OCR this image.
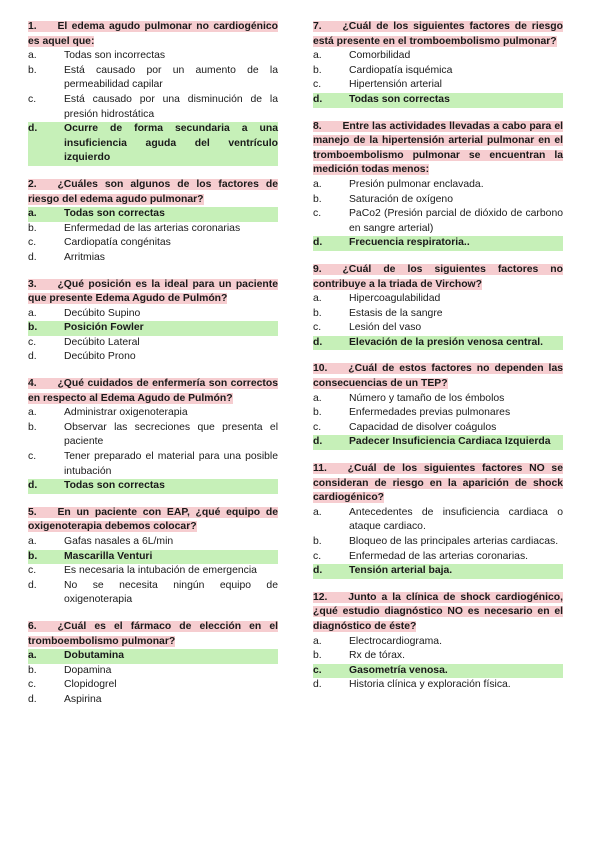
1.   El edema agudo pulmonar no cardiogénico es aquel que:

a.	Todas son incorrectas
b.	Está causado por un aumento de la permeabilidad capilar
c.	Está causado por una disminución de la presión hidrostática
d.	Ocurre de forma secundaria a una insuficiencia aguda del ventrículo izquierdo

2.   ¿Cuáles son algunos de los factores de riesgo del edema agudo pulmonar?

a.	Todas son correctas
b.	Enfermedad de las arterias coronarias
c.	Cardiopatía congénitas
d.	Arritmias

3.   ¿Qué posición es la ideal para un paciente que presente Edema Agudo de Pulmón?

a.	Decúbito Supino
b.	Posición Fowler
c.	Decúbito Lateral
d.	Decúbito Prono

4.   ¿Qué cuidados de enfermería son correctos en respecto al Edema Agudo de Pulmón?

a.	Administrar oxigenoterapia
b.	Observar las secreciones que presenta el paciente
c.	Tener preparado el material para una posible intubación
d.	Todas son correctas

5.   En un paciente con EAP, ¿qué equipo de oxigenoterapia debemos colocar?

a.	Gafas nasales a 6L/min
b.	Mascarilla Venturi
c.	Es necesaria la intubación de emergencia
d.	No se necesita ningún equipo de oxigenoterapia

6.   ¿Cuál es el fármaco de elección en el tromboembolismo pulmonar?

a.	Dobutamina
b.	Dopamina
c.	Clopidogrel
d.	Aspirina

7.   ¿Cuál de los siguientes factores de riesgo está presente en el tromboembolismo pulmonar?

a.	Comorbilidad
b.	Cardiopatía isquémica
c.	Hipertensión arterial
d.	Todas son correctas

8.   Entre las actividades llevadas a cabo para el manejo de la hipertensión arterial pulmonar en el tromboembolismo pulmonar se encuentran la medición todas menos:

a.	Presión pulmonar enclavada.
b.	Saturación de oxígeno
c.	PaCo2 (Presión parcial de dióxido de carbono en sangre arterial)
d.	Frecuencia respiratoria..

9.   ¿Cuál de los siguientes factores no contribuye a la triada de Virchow?

a.	Hipercoagulabilidad
b.	Estasis de la sangre
c.	Lesión del vaso
d.	Elevación de la presión venosa central.

10.   ¿Cuál de estos factores no dependen las consecuencias de un TEP?

a.	Número y tamaño de los émbolos
b.	Enfermedades previas pulmonares
c.	Capacidad de disolver coágulos
d.	Padecer Insuficiencia Cardiaca Izquierda

11.   ¿Cuál de los siguientes factores NO se consideran de riesgo en la aparición de shock cardiogénico?

a.	Antecedentes de insuficiencia cardiaca o ataque cardiaco.
b.	Bloqueo de las principales arterias cardiacas.
c.	Enfermedad de las arterias coronarias.
d.	Tensión arterial baja.

12.   Junto a la clínica de shock cardiogénico, ¿qué estudio diagnóstico NO es necesario en el diagnóstico de éste?

a.	Electrocardiograma.
b.	Rx de tórax.
c.	Gasometría venosa.
d.	Historia clínica y exploración física.
